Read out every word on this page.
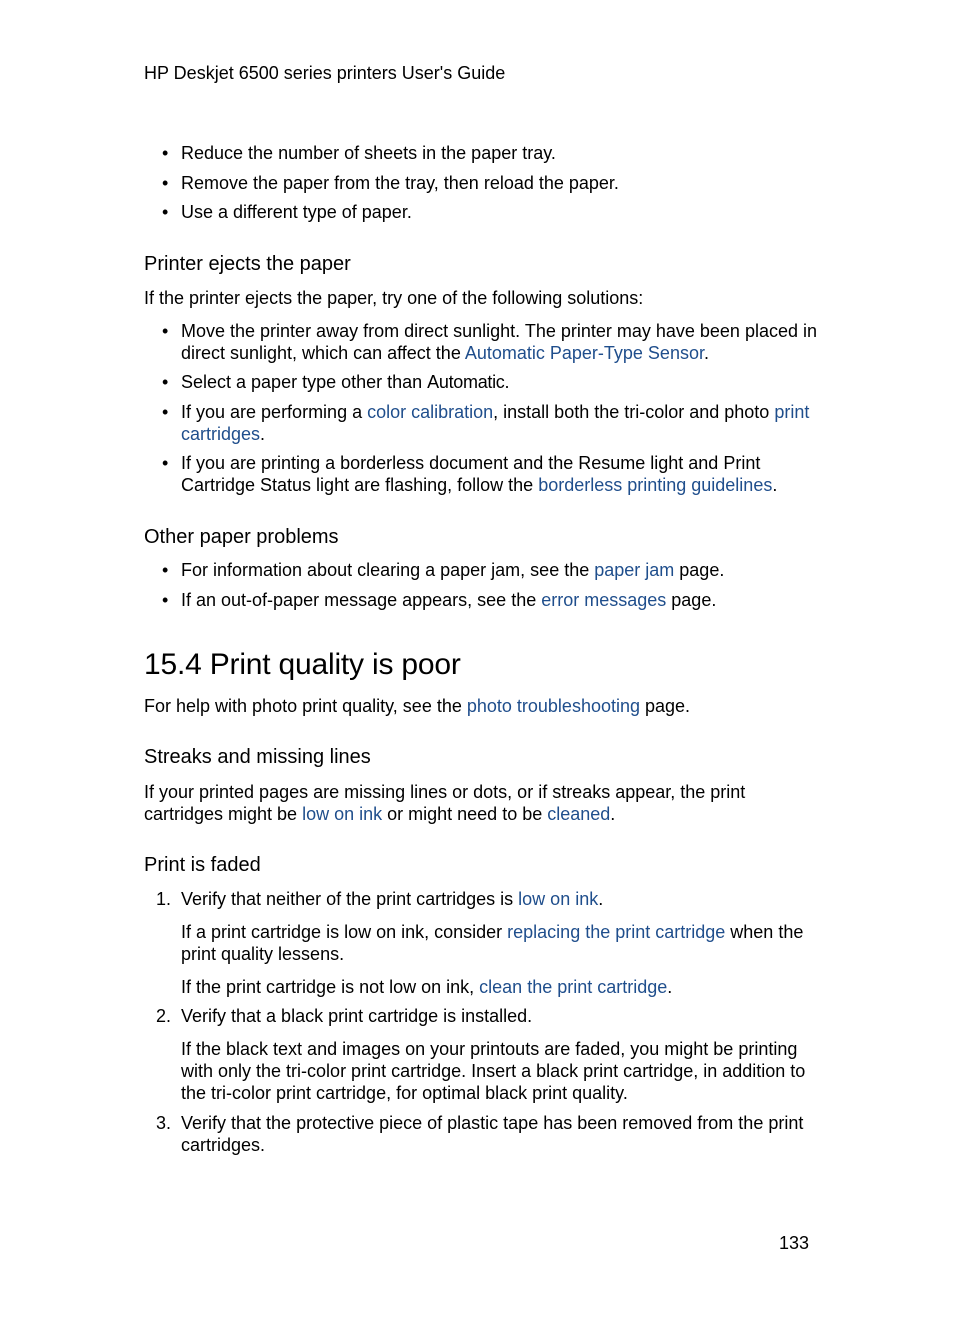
HP Deskjet 6500 series printers User's Guide
• Reduce the number of sheets in the paper tray.
• Remove the paper from the tray, then reload the paper.
• Use a different type of paper.
Printer ejects the paper
If the printer ejects the paper, try one of the following solutions:
• Move the printer away from direct sunlight. The printer may have been placed in direct sunlight, which can affect the Automatic Paper-Type Sensor.
• Select a paper type other than Automatic.
• If you are performing a color calibration, install both the tri-color and photo print cartridges.
• If you are printing a borderless document and the Resume light and Print Cartridge Status light are flashing, follow the borderless printing guidelines.
Other paper problems
• For information about clearing a paper jam, see the paper jam page.
• If an out-of-paper message appears, see the error messages page.
15.4 Print quality is poor
For help with photo print quality, see the photo troubleshooting page.
Streaks and missing lines
If your printed pages are missing lines or dots, or if streaks appear, the print cartridges might be low on ink or might need to be cleaned.
Print is faded
1. Verify that neither of the print cartridges is low on ink.
If a print cartridge is low on ink, consider replacing the print cartridge when the print quality lessens.
If the print cartridge is not low on ink, clean the print cartridge.
2. Verify that a black print cartridge is installed.
If the black text and images on your printouts are faded, you might be printing with only the tri-color print cartridge. Insert a black print cartridge, in addition to the tri-color print cartridge, for optimal black print quality.
3. Verify that the protective piece of plastic tape has been removed from the print cartridges.
133
